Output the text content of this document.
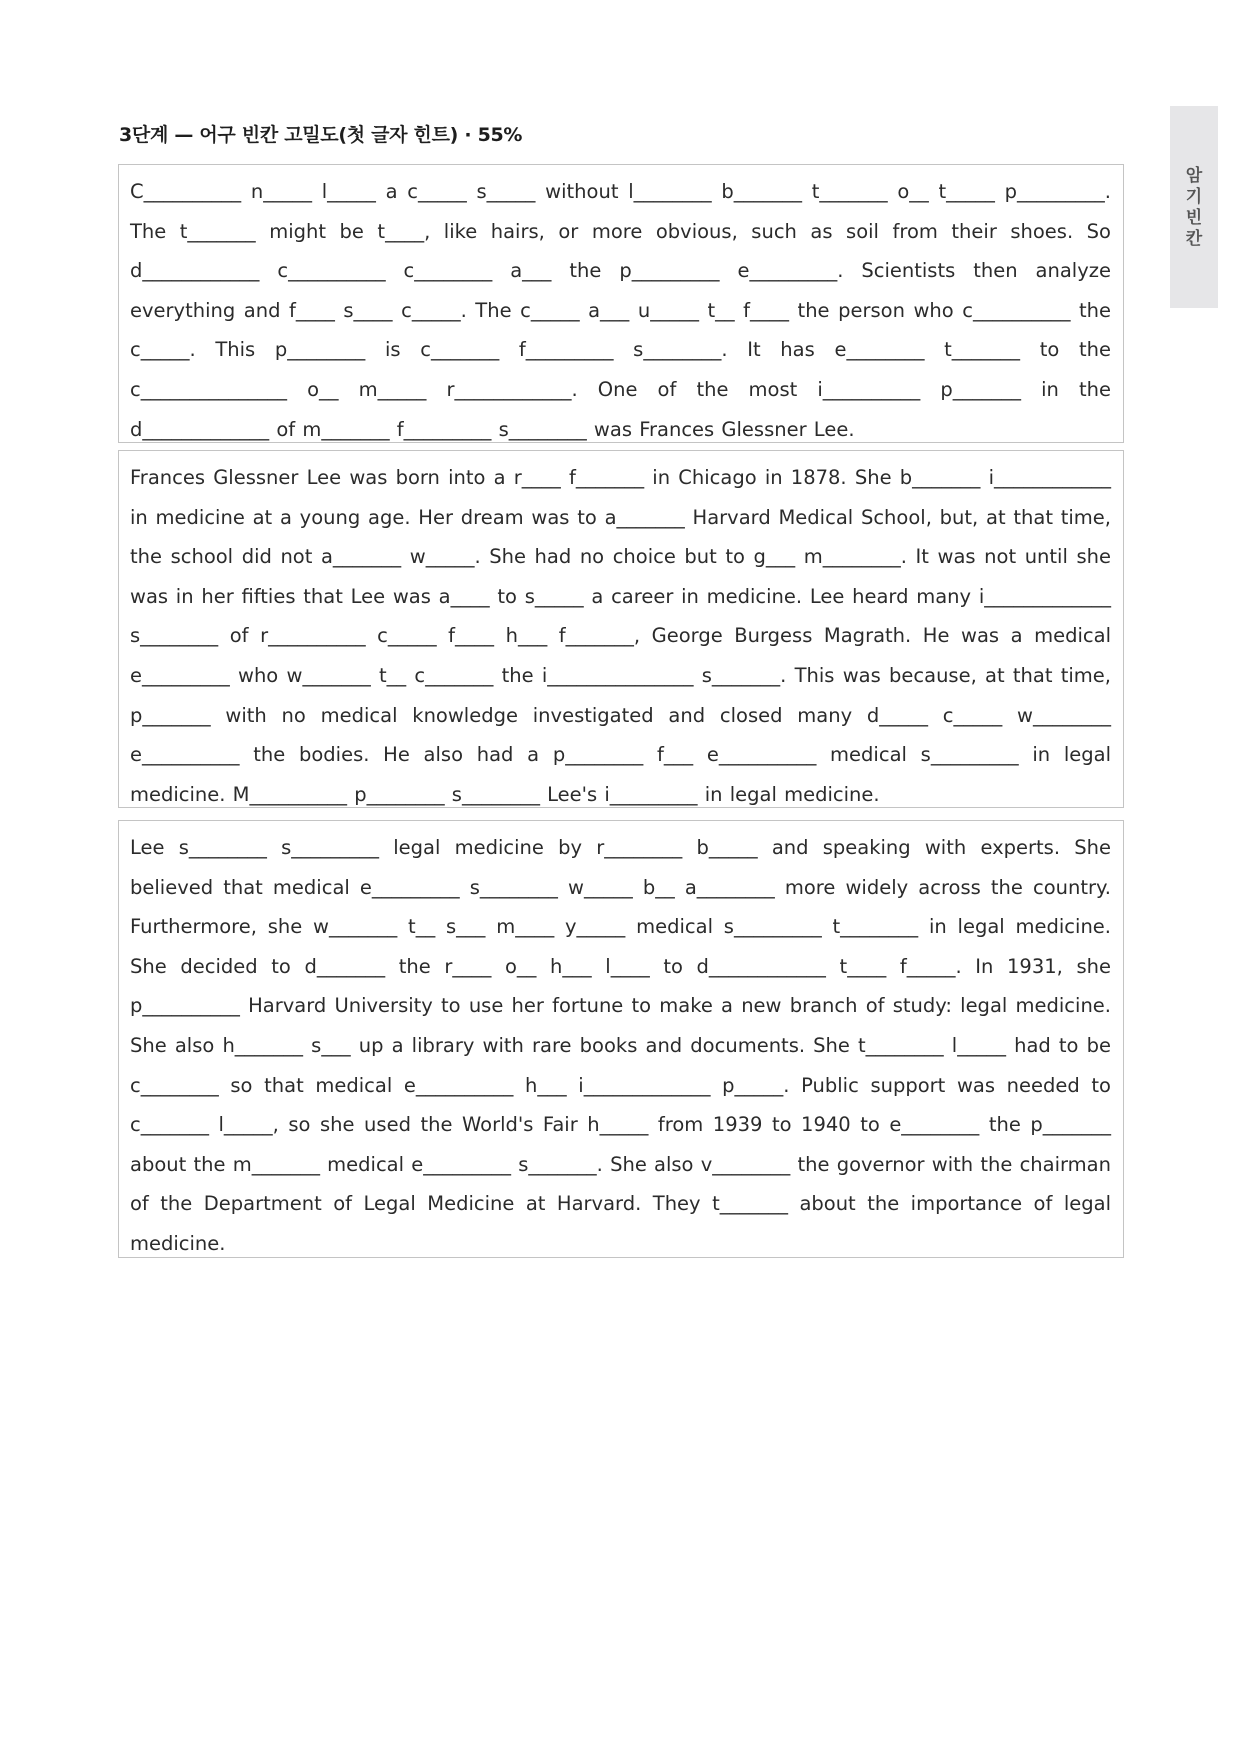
3단계 — 어구 빈칸 고밀도(첫 글자 힌트) · 55%
암
기
빈
칸

C__________ n_____ l_____ a c_____ s_____ without l________ b_______ t_______ o__ t_____ p_________. The t_______ might be t____, like hairs, or more obvious, such as soil from their shoes. So d____________ c__________ c________ a___ the p_________ e_________. Scientists then analyze everything and f____ s____ c_____. The c_____ a___ u_____ t__ f____ the person who c__________ the c_____. This p________ is c_______ f_________ s________. It has e________ t_______ to the c_______________ o__ m_____ r____________. One of the most i__________ p_______ in the d_____________ of m_______ f_________ s________ was Frances Glessner Lee.

Frances Glessner Lee was born into a r____ f_______ in Chicago in 1878. She b_______ i____________ in medicine at a young age. Her dream was to a_______ Harvard Medical School, but, at that time, the school did not a_______ w_____. She had no choice but to g___ m________. It was not until she was in her fifties that Lee was a____ to s_____ a career in medicine. Lee heard many i_____________ s________ of r__________ c_____ f____ h___ f_______, George Burgess Magrath. He was a medical e_________ who w_______ t__ c_______ the i_______________ s_______. This was because, at that time, p_______ with no medical knowledge investigated and closed many d_____ c_____ w________ e__________ the bodies. He also had a p________ f___ e__________ medical s_________ in legal medicine. M__________ p________ s________ Lee's i_________ in legal medicine.

Lee s________ s_________ legal medicine by r________ b_____ and speaking with experts. She believed that medical e_________ s________ w_____ b__ a________ more widely across the country. Furthermore, she w_______ t__ s___ m____ y_____ medical s_________ t________ in legal medicine. She decided to d_______ the r____ o__ h___ l____ to d____________ t____ f_____. In 1931, she p__________ Harvard University to use her fortune to make a new branch of study: legal medicine. She also h_______ s___ up a library with rare books and documents. She t________ l_____ had to be c________ so that medical e__________ h___ i_____________ p_____. Public support was needed to c_______ l_____, so she used the World's Fair h_____ from 1939 to 1940 to e________ the p_______ about the m_______ medical e_________ s_______. She also v________ the governor with the chairman of the Department of Legal Medicine at Harvard. They t_______ about the importance of legal medicine.
